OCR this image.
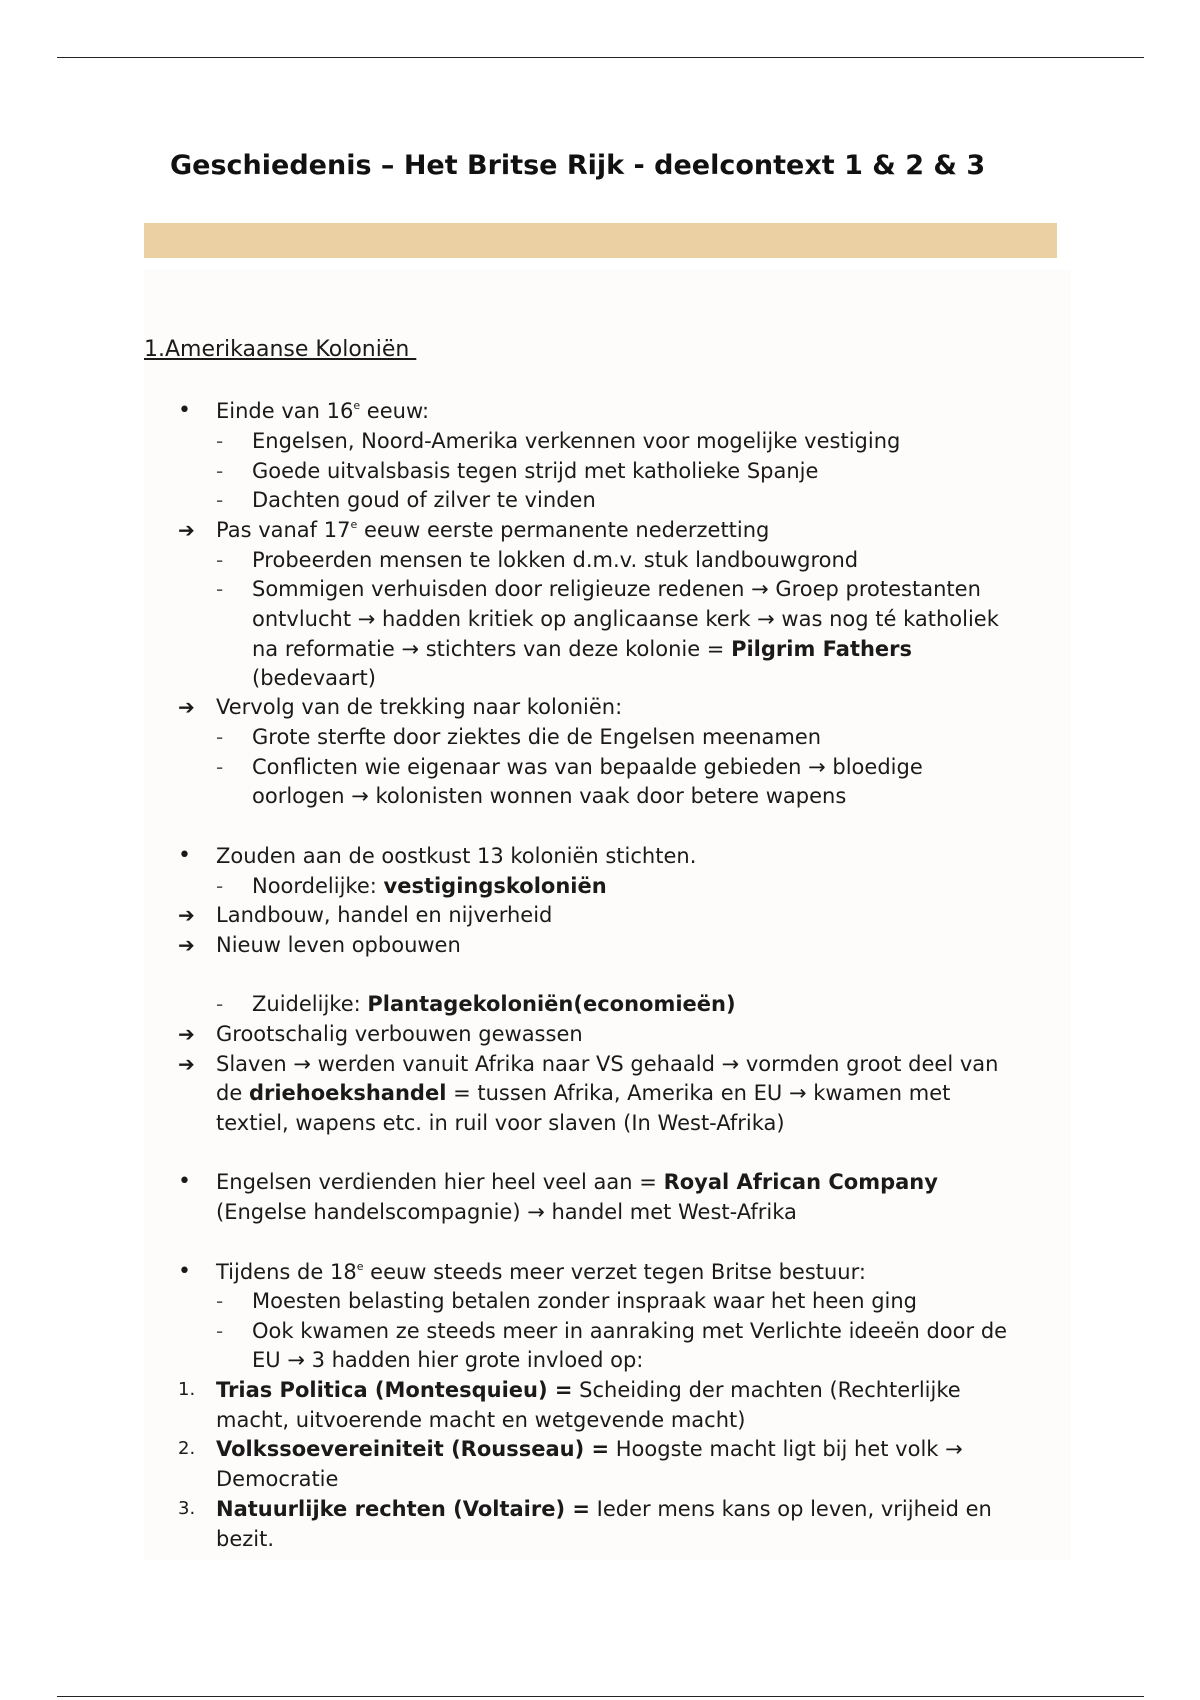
Geschiedenis – Het Britse Rijk - deelcontext 1 & 2 & 3
1.Amerikaanse Koloniën
• Einde van 16e eeuw:
- Engelsen, Noord-Amerika verkennen voor mogelijke vestiging
- Goede uitvalsbasis tegen strijd met katholieke Spanje
- Dachten goud of zilver te vinden
➔ Pas vanaf 17e eeuw eerste permanente nederzetting
- Probeerden mensen te lokken d.m.v. stuk landbouwgrond
- Sommigen verhuisden door religieuze redenen → Groep protestanten
ontvlucht → hadden kritiek op anglicaanse kerk → was nog té katholiek
na reformatie → stichters van deze kolonie = Pilgrim Fathers
(bedevaart)
➔ Vervolg van de trekking naar koloniën:
- Grote sterfte door ziektes die de Engelsen meenamen
- Conflicten wie eigenaar was van bepaalde gebieden → bloedige
oorlogen → kolonisten wonnen vaak door betere wapens
• Zouden aan de oostkust 13 koloniën stichten.
- Noordelijke: vestigingskoloniën
➔ Landbouw, handel en nijverheid
➔ Nieuw leven opbouwen
- Zuidelijke: Plantagekoloniën(economieën)
➔ Grootschalig verbouwen gewassen
➔ Slaven → werden vanuit Afrika naar VS gehaald → vormden groot deel van
de driehoekshandel = tussen Afrika, Amerika en EU → kwamen met
textiel, wapens etc. in ruil voor slaven (In West-Afrika)
• Engelsen verdienden hier heel veel aan = Royal African Company
(Engelse handelscompagnie) → handel met West-Afrika
• Tijdens de 18e eeuw steeds meer verzet tegen Britse bestuur:
- Moesten belasting betalen zonder inspraak waar het heen ging
- Ook kwamen ze steeds meer in aanraking met Verlichte ideeën door de
EU → 3 hadden hier grote invloed op:
1. Trias Politica (Montesquieu) = Scheiding der machten (Rechterlijke
macht, uitvoerende macht en wetgevende macht)
2. Volkssoevereiniteit (Rousseau) = Hoogste macht ligt bij het volk →
Democratie
3. Natuurlijke rechten (Voltaire) = Ieder mens kans op leven, vrijheid en
bezit.
